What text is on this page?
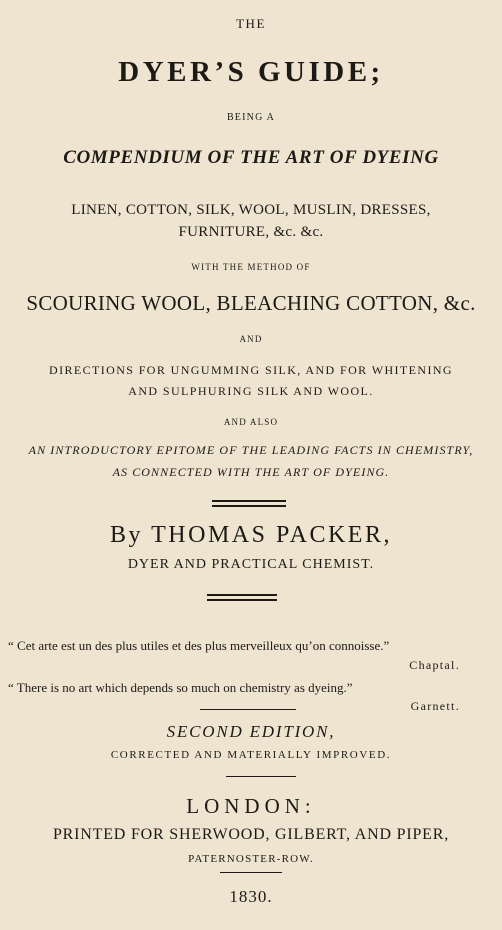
THE

DYER’S GUIDE;

BEING A

COMPENDIUM OF THE ART OF DYEING

LINEN, COTTON, SILK, WOOL, MUSLIN, DRESSES,

FURNITURE, &c. &c.

WITH THE METHOD OF

SCOURING WOOL, BLEACHING COTTON, &c.

AND

DIRECTIONS FOR UNGUMMING SILK, AND FOR WHITENING

AND SULPHURING SILK AND WOOL.

AND ALSO

AN INTRODUCTORY EPITOME OF THE LEADING FACTS IN CHEMISTRY,

AS CONNECTED WITH THE ART OF DYEING.

By THOMAS PACKER,

DYER AND PRACTICAL CHEMIST.

“ Cet arte est un des plus utiles et des plus merveilleux qu’on connoisse.”

Chaptal.

“ There is no art which depends so much on chemistry as dyeing.”

Garnett.

SECOND EDITION,

CORRECTED AND MATERIALLY IMPROVED.

LONDON:

PRINTED FOR SHERWOOD, GILBERT, AND PIPER,

PATERNOSTER-ROW.

1830.
